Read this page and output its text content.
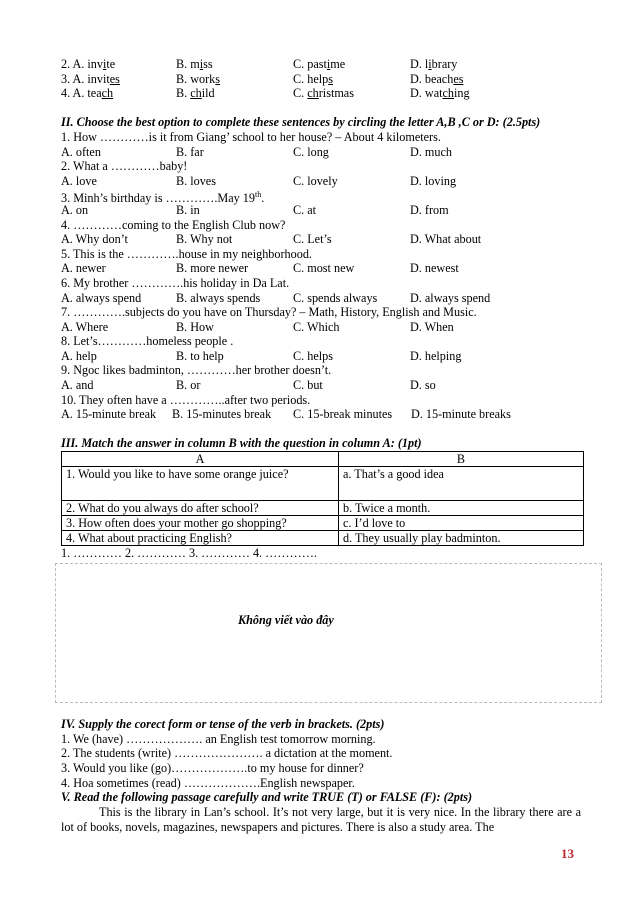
2. A. invite	B. miss	C. pastime	D. library
3. A. invites	B. works	C. helps	D. beaches
4. A. teach	B. child	C. christmas	D. watching
II. Choose the best option to complete these sentences by circling the letter A,B ,C or D: (2.5pts)
1. How …………is it from Giang’ school to her house? – About 4 kilometers.
A. often	B. far	C. long	D. much
2. What a …………baby!
A. love	B. loves	C. lovely	D. loving
3. Minh’s birthday is ………….May 19th.
A. on	B. in	C. at	D. from
4. …………coming to the English Club now?
A. Why don’t	B. Why not	C. Let’s	D. What about
5. This is the ………….house in my neighborhood.
A. newer	B. more newer	C. most new	D. newest
6. My brother ………….his holiday in Da Lat.
A. always spend	B. always spends	C. spends always	D. always spend
7. ………….subjects do you have on Thursday? – Math, History, English and Music.
A. Where	B. How	C. Which	D. When
8. Let’s…………homeless people .
A. help	B. to help	C. helps	D. helping
9. Ngoc likes badminton, …………her brother doesn’t.
A. and	B. or	C. but	D. so
10. They often have a …………..after two periods.
A. 15-minute break	B. 15-minutes break	C. 15-break minutes	D. 15-minute breaks
III. Match the answer in column B with the question in column A: (1pt)
A	B
1. Would you like to have some orange juice?	a. That’s a good idea
2. What do you always do after school?	b. Twice a month.
3. How often does your mother go shopping?	c. I’d love to
4. What about practicing English?	d. They usually play badminton.
1. ………… 2. ………… 3. ………… 4. ………….
Không viết vào đây
IV. Supply the corect form or tense of the verb in brackets. (2pts)
1. We (have) ………………. an English test tomorrow morning.
2. The students (write) …………………. a dictation at the moment.
3. Would you like (go)……………….to my house for dinner?
4. Hoa sometimes (read) ……………….English newspaper.
V. Read the following passage carefully and write TRUE (T) or FALSE (F): (2pts)
This is the library in Lan’s school. It’s not very large, but it is very nice. In the library there are a lot of books, novels, magazines, newspapers and pictures. There is also a study area. The
13
